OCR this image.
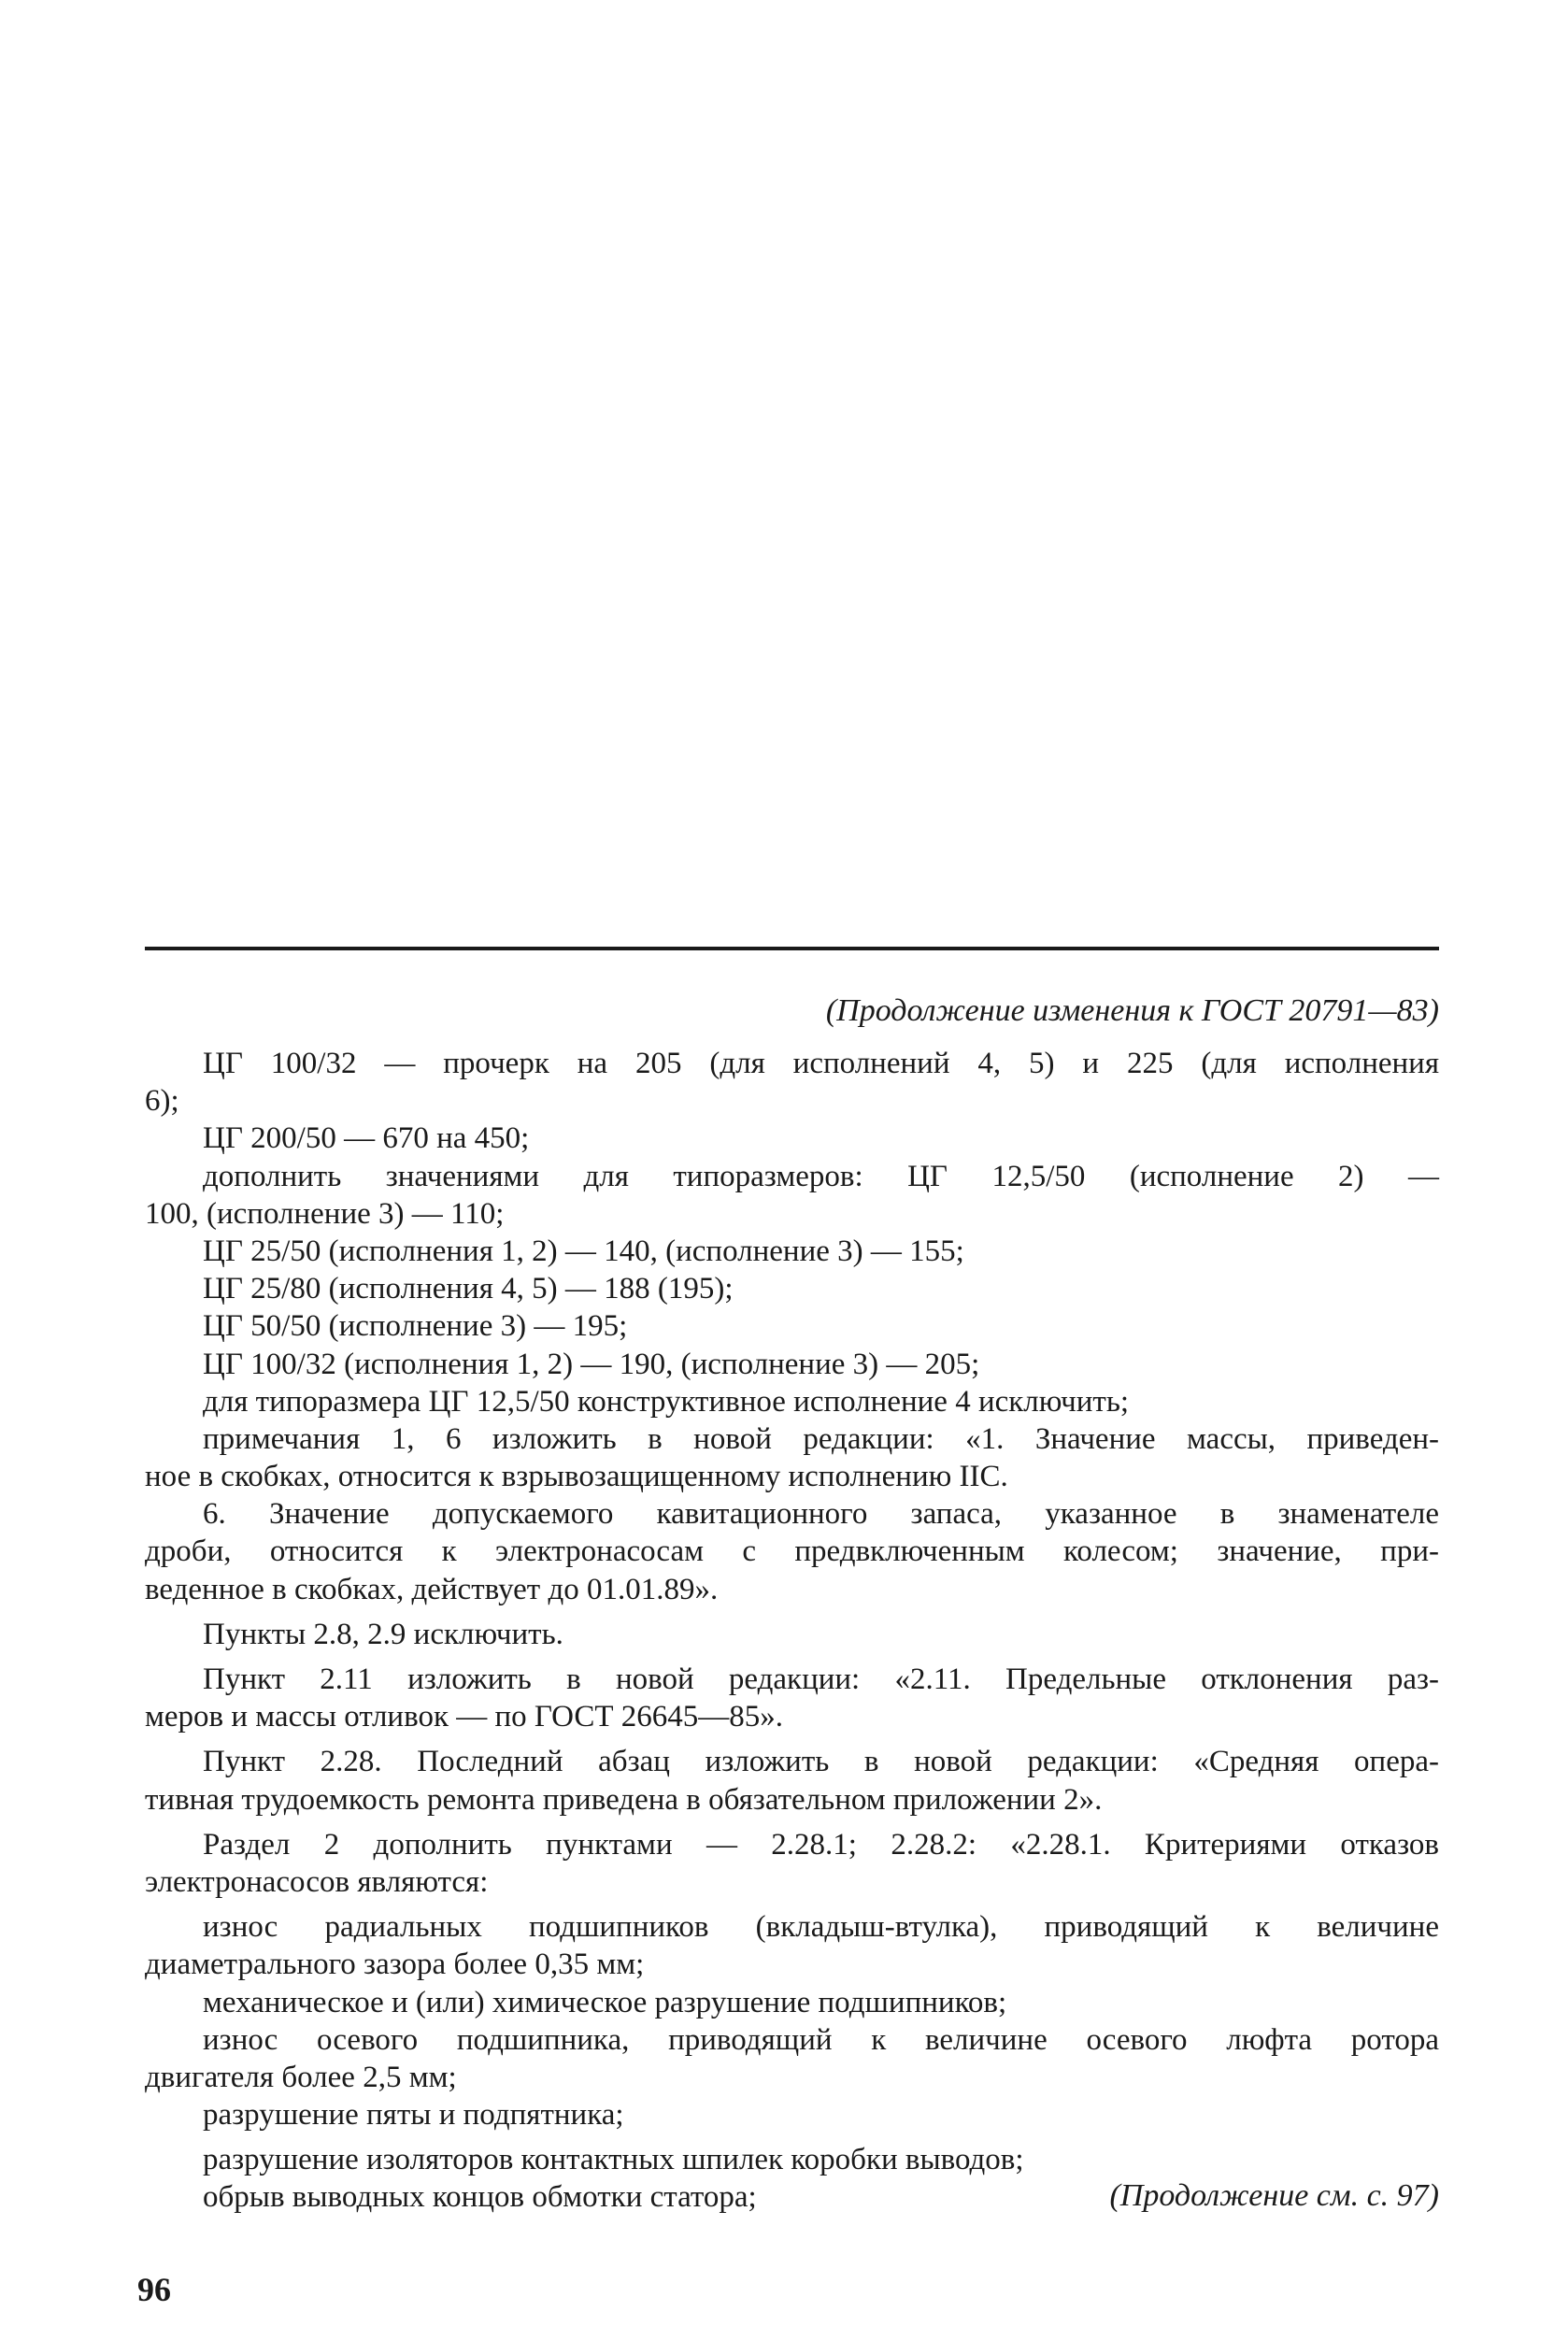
(Продолжение изменения к ГОСТ 20791—83)
ЦГ 100/32 — прочерк на 205 (для исполнений 4, 5) и 225 (для исполнения
6);
ЦГ 200/50 — 670 на 450;
дополнить значениями для типоразмеров: ЦГ 12,5/50 (исполнение 2) —
100, (исполнение 3) — 110;
ЦГ 25/50 (исполнения 1, 2) — 140, (исполнение 3) — 155;
ЦГ 25/80 (исполнения 4, 5) — 188 (195);
ЦГ 50/50 (исполнение 3) — 195;
ЦГ 100/32 (исполнения 1, 2) — 190, (исполнение 3) — 205;
для типоразмера ЦГ 12,5/50 конструктивное исполнение 4 исключить;
примечания 1, 6 изложить в новой редакции: «1. Значение массы, приведен-
ное в скобках, относится к взрывозащищенному исполнению IIС.
6. Значение допускаемого кавитационного запаса, указанное в знаменателе
дроби, относится к электронасосам с предвключенным колесом; значение, при-
веденное в скобках, действует до 01.01.89».
Пункты 2.8, 2.9 исключить.
Пункт 2.11 изложить в новой редакции: «2.11. Предельные отклонения раз-
меров и массы отливок — по ГОСТ 26645—85».
Пункт 2.28. Последний абзац изложить в новой редакции: «Средняя опера-
тивная трудоемкость ремонта приведена в обязательном приложении 2».
Раздел 2 дополнить пунктами — 2.28.1; 2.28.2: «2.28.1. Критериями отказов
электронасосов являются:
износ радиальных подшипников (вкладыш-втулка), приводящий к величине
диаметрального зазора более 0,35 мм;
механическое и (или) химическое разрушение подшипников;
износ осевого подшипника, приводящий к величине осевого люфта ротора
двигателя более 2,5 мм;
разрушение пяты и подпятника;
разрушение изоляторов контактных шпилек коробки выводов;
обрыв выводных концов обмотки статора;	(Продолжение см. с. 97)
96
